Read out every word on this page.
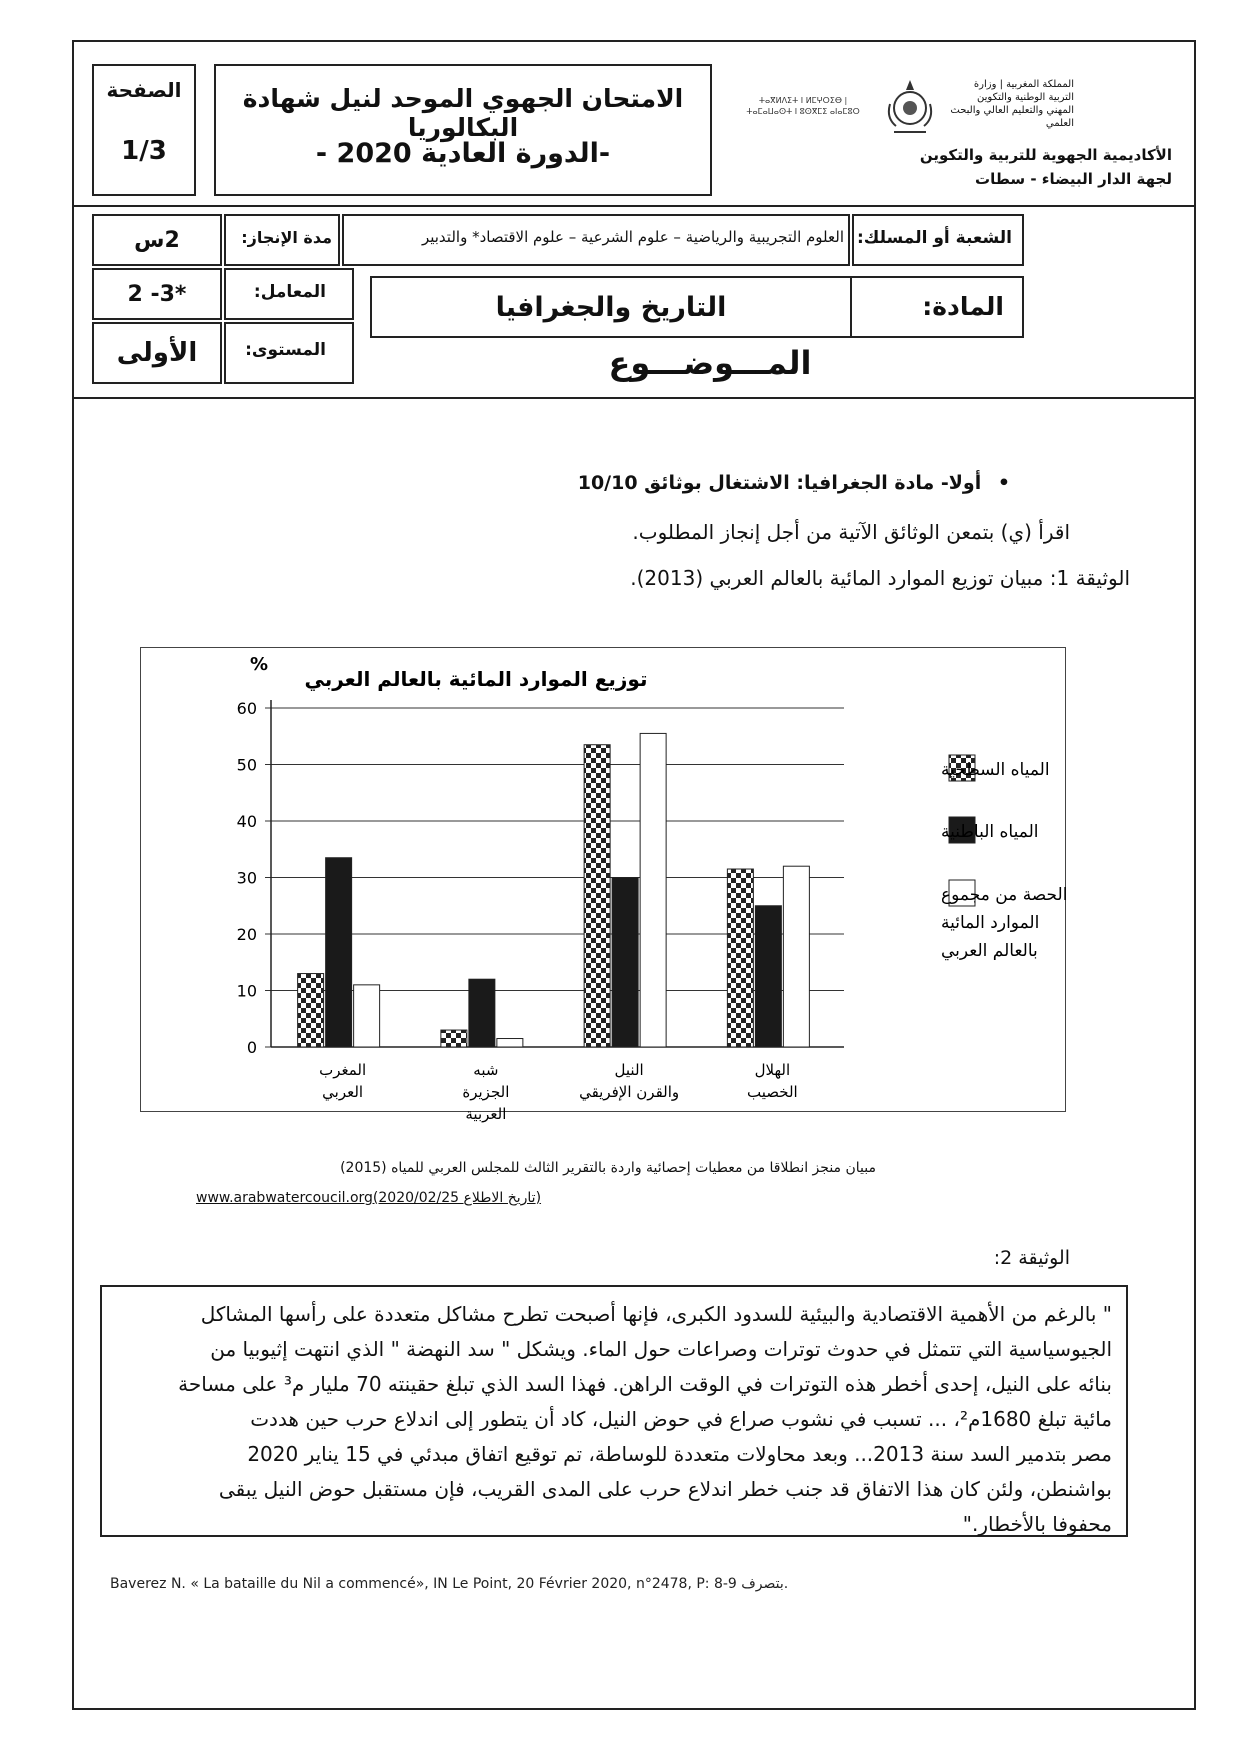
الصفحة
1/3
الامتحان الجهوي الموحد لنيل شهادة البكالوريا
-الدورة العادية 2020 -
ⵜⴰⴳⵍⴷⵉⵜ ⵏ ⵍⵎⵖⵔⵉⴱ | ⵜⴰⵎⴰⵡⴰⵙⵜ ⵏ ⵓⵙⴳⵎⵉ ⴰⵏⴰⵎⵓⵔ
المملكة المغربية | وزارة التربية الوطنية والتكوين المهني والتعليم العالي والبحث العلمي
الأكاديمية الجهوية للتربية والتكوين
لجهة الدار البيضاء - سطات
2س	مدة الإنجاز:	العلوم التجريبية والرياضية – علوم الشرعية – علوم الاقتصاد* والتدبير الشعبة أو المسلك:
2 -3*	المعامل:	التاريخ والجغرافيا	المادة:
الأولى	المستوى:	المـــوضـــوع
• أولا- مادة الجغرافيا: الاشتغال بوثائق 10/10
اقرأ (ي) بتمعن الوثائق الآتية من أجل إنجاز المطلوب.
الوثيقة 1: مبيان توزيع الموارد المائية بالعالم العربي (2013).
توزيع الموارد المائية بالعالم العربي
%
0
10
20
30
40
50
60
المغرب
العربي
شبه
الجزيرة
العربية
النيل
والقرن الإفريقي
الهلال
الخصيب
المياه السطحية
المياه الباطنية
الحصة من مجموع
الموارد المائية
بالعالم العربي
مبيان منجز انطلاقا من معطيات إحصائية واردة بالتقرير الثالث للمجلس العربي للمياه (2015)
www.arabwatercoucil.org(2020/02/25 تاريخ الاطلاع)
الوثيقة 2:

" بالرغم من الأهمية الاقتصادية والبيئية للسدود الكبرى، فإنها أصبحت تطرح مشاكل متعددة على رأسها المشاكل

الجيوسياسية التي تتمثل في حدوث توترات وصراعات حول الماء. ويشكل " سد النهضة " الذي انتهت إثيوبيا من

بنائه على النيل، إحدى أخطر هذه التوترات في الوقت الراهن. فهذا السد الذي تبلغ حقينته 70 مليار م³ على مساحة

مائية تبلغ 1680م²، ... تسبب في نشوب صراع في حوض النيل، كاد أن يتطور إلى اندلاع حرب حين هددت

مصر بتدمير السد سنة 2013... وبعد محاولات متعددة للوساطة، تم توقيع اتفاق مبدئي في 15 يناير 2020

بواشنطن، ولئن كان هذا الاتفاق قد جنب خطر اندلاع حرب على المدى القريب، فإن مستقبل حوض النيل يبقى

محفوفا بالأخطار."

Baverez N. « La bataille du Nil a commencé», IN Le Point, 20 Février 2020, n°2478, P: 8-9 بتصرف.
